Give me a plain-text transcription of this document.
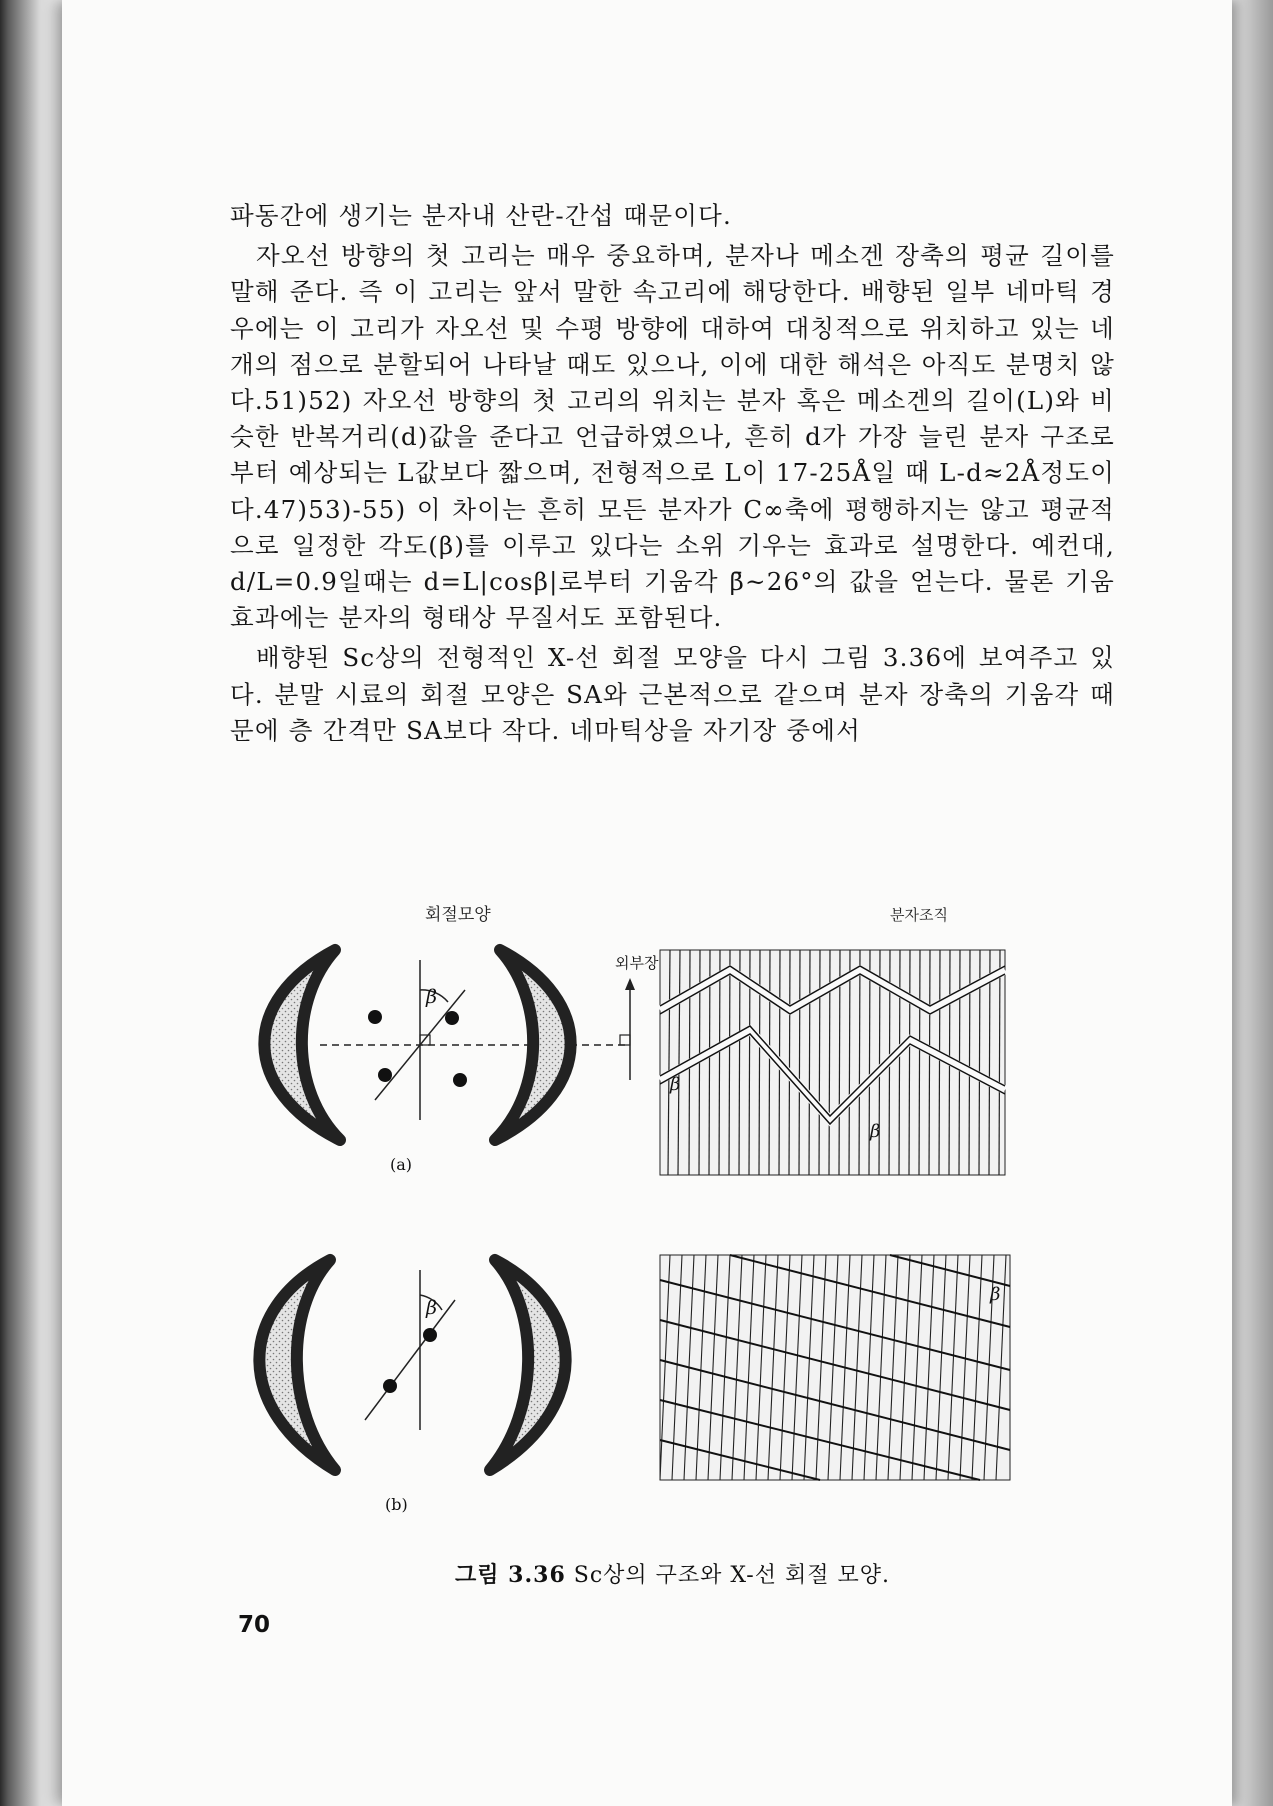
파동간에 생기는 분자내 산란-간섭 때문이다.

자오선 방향의 첫 고리는 매우 중요하며, 분자나 메소겐 장축의 평균 길이를 말해 준다. 즉 이 고리는 앞서 말한 속고리에 해당한다. 배향된 일부 네마틱 경우에는 이 고리가 자오선 및 수평 방향에 대하여 대칭적으로 위치하고 있는 네 개의 점으로 분할되어 나타날 때도 있으나, 이에 대한 해석은 아직도 분명치 않다.51)52) 자오선 방향의 첫 고리의 위치는 분자 혹은 메소겐의 길이(L)와 비슷한 반복거리(d)값을 준다고 언급하였으나, 흔히 d가 가장 늘린 분자 구조로부터 예상되는 L값보다 짧으며, 전형적으로 L이 17-25Å일 때 L-d≈2Å정도이다.47)53)-55) 이 차이는 흔히 모든 분자가 C∞축에 평행하지는 않고 평균적으로 일정한 각도(β)를 이루고 있다는 소위 기우는 효과로 설명한다. 예컨대, d/L=0.9일때는 d=L|cosβ|로부터 기움각 β̄~26°의 값을 얻는다. 물론 기움효과에는 분자의 형태상 무질서도 포함된다.

배향된 Sc상의 전형적인 X-선 회절 모양을 다시 그림 3.36에 보여주고 있다. 분말 시료의 회절 모양은 SA와 근본적으로 같으며 분자 장축의 기움각 때문에 층 간격만 SA보다 작다. 네마틱상을 자기장 중에서

회절모양	분자조직
β
β
β
β
β
외부장
(a)
(b)
그림 3.36 Sc상의 구조와 X-선 회절 모양.
70
